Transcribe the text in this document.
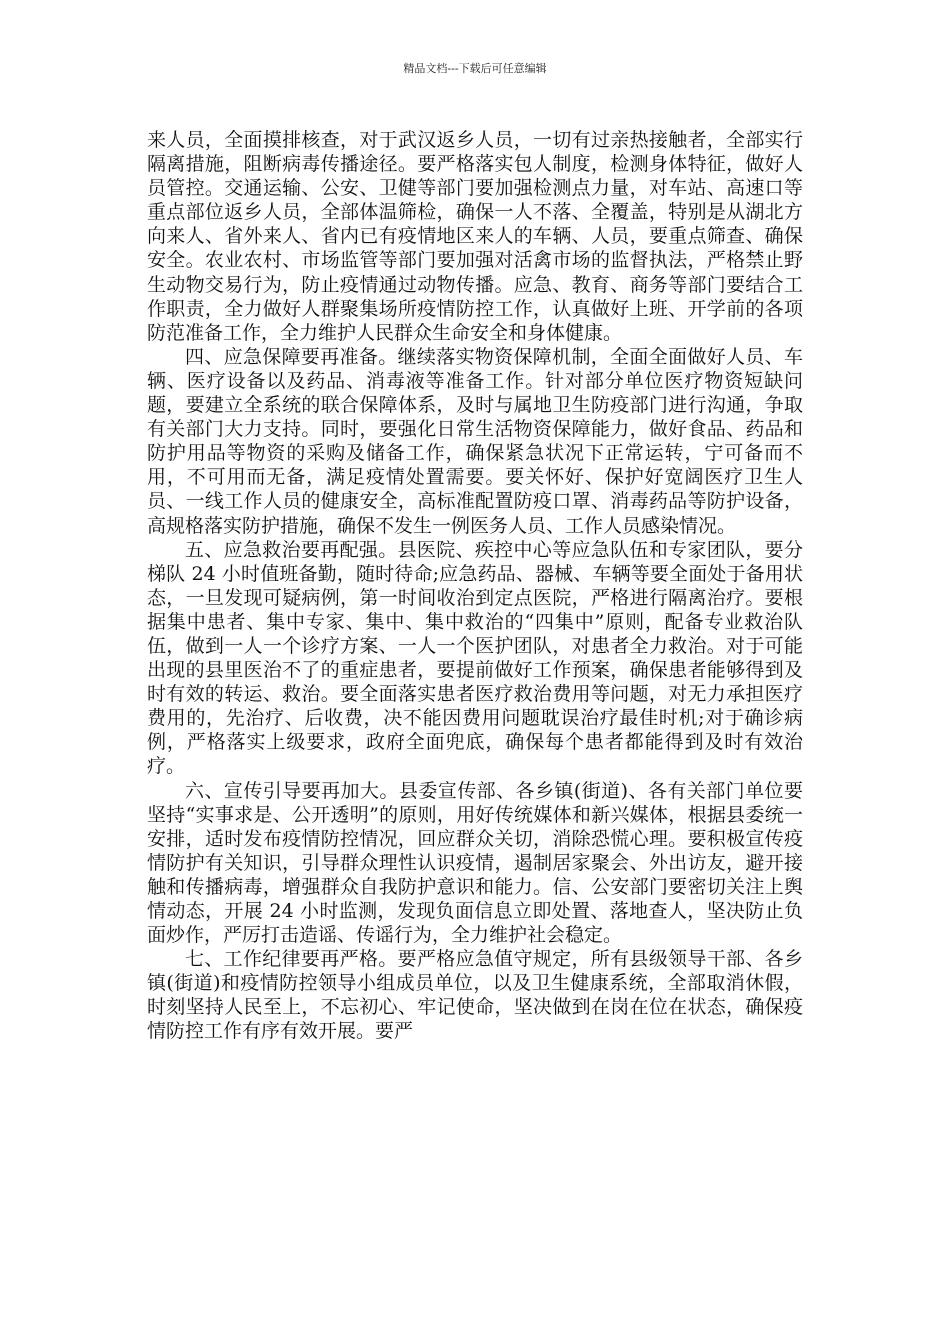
精品文档---下载后可任意编辑

来人员，全面摸排核查，对于武汉返乡人员，一切有过亲热接触者，全部实行隔离措施，阻断病毒传播途径。要严格落实包人制度，检测身体特征，做好人员管控。交通运输、公安、卫健等部门要加强检测点力量，对车站、高速口等重点部位返乡人员，全部体温筛检，确保一人不落、全覆盖，特别是从湖北方向来人、省外来人、省内已有疫情地区来人的车辆、人员，要重点筛查、确保安全。农业农村、市场监管等部门要加强对活禽市场的监督执法，严格禁止野生动物交易行为，防止疫情通过动物传播。应急、教育、商务等部门要结合工作职责，全力做好人群聚集场所疫情防控工作，认真做好上班、开学前的各项防范准备工作，全力维护人民群众生命安全和身体健康。

四、应急保障要再准备。继续落实物资保障机制，全面全面做好人员、车辆、医疗设备以及药品、消毒液等准备工作。针对部分单位医疗物资短缺问题，要建立全系统的联合保障体系，及时与属地卫生防疫部门进行沟通，争取有关部门大力支持。同时，要强化日常生活物资保障能力，做好食品、药品和防护用品等物资的采购及储备工作，确保紧急状况下正常运转，宁可备而不用，不可用而无备，满足疫情处置需要。要关怀好、保护好宽阔医疗卫生人员、一线工作人员的健康安全，高标准配置防疫口罩、消毒药品等防护设备，高规格落实防护措施，确保不发生一例医务人员、工作人员感染情况。

五、应急救治要再配强。县医院、疾控中心等应急队伍和专家团队，要分梯队 24 小时值班备勤，随时待命;应急药品、器械、车辆等要全面处于备用状态，一旦发现可疑病例，第一时间收治到定点医院，严格进行隔离治疗。要根据集中患者、集中专家、集中、集中救治的“四集中”原则，配备专业救治队伍，做到一人一个诊疗方案、一人一个医护团队，对患者全力救治。对于可能出现的县里医治不了的重症患者，要提前做好工作预案，确保患者能够得到及时有效的转运、救治。要全面落实患者医疗救治费用等问题，对无力承担医疗费用的，先治疗、后收费，决不能因费用问题耽误治疗最佳时机;对于确诊病例，严格落实上级要求，政府全面兜底，确保每个患者都能得到及时有效治疗。

六、宣传引导要再加大。县委宣传部、各乡镇(街道)、各有关部门单位要坚持“实事求是、公开透明”的原则，用好传统媒体和新兴媒体，根据县委统一安排，适时发布疫情防控情况，回应群众关切，消除恐慌心理。要积极宣传疫情防护有关知识，引导群众理性认识疫情，遏制居家聚会、外出访友，避开接触和传播病毒，增强群众自我防护意识和能力。信、公安部门要密切关注上舆情动态，开展 24 小时监测，发现负面信息立即处置、落地查人，坚决防止负面炒作，严厉打击造谣、传谣行为，全力维护社会稳定。

七、工作纪律要再严格。要严格应急值守规定，所有县级领导干部、各乡镇(街道)和疫情防控领导小组成员单位，以及卫生健康系统，全部取消休假，时刻坚持人民至上，不忘初心、牢记使命，坚决做到在岗在位在状态，确保疫情防控工作有序有效开展。要严
